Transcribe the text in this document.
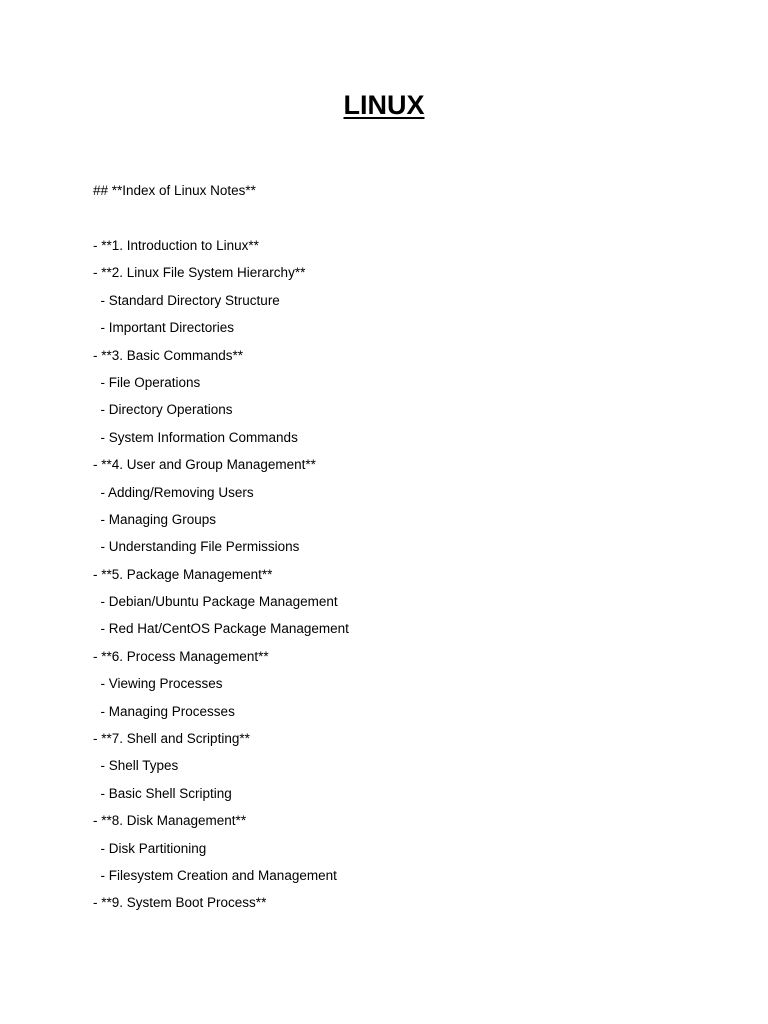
LINUX
## **Index of Linux Notes**
- **1. Introduction to Linux**
- **2. Linux File System Hierarchy**
- Standard Directory Structure
- Important Directories
- **3. Basic Commands**
- File Operations
- Directory Operations
- System Information Commands
- **4. User and Group Management**
- Adding/Removing Users
- Managing Groups
- Understanding File Permissions
- **5. Package Management**
- Debian/Ubuntu Package Management
- Red Hat/CentOS Package Management
- **6. Process Management**
- Viewing Processes
- Managing Processes
- **7. Shell and Scripting**
- Shell Types
- Basic Shell Scripting
- **8. Disk Management**
- Disk Partitioning
- Filesystem Creation and Management
- **9. System Boot Process**
